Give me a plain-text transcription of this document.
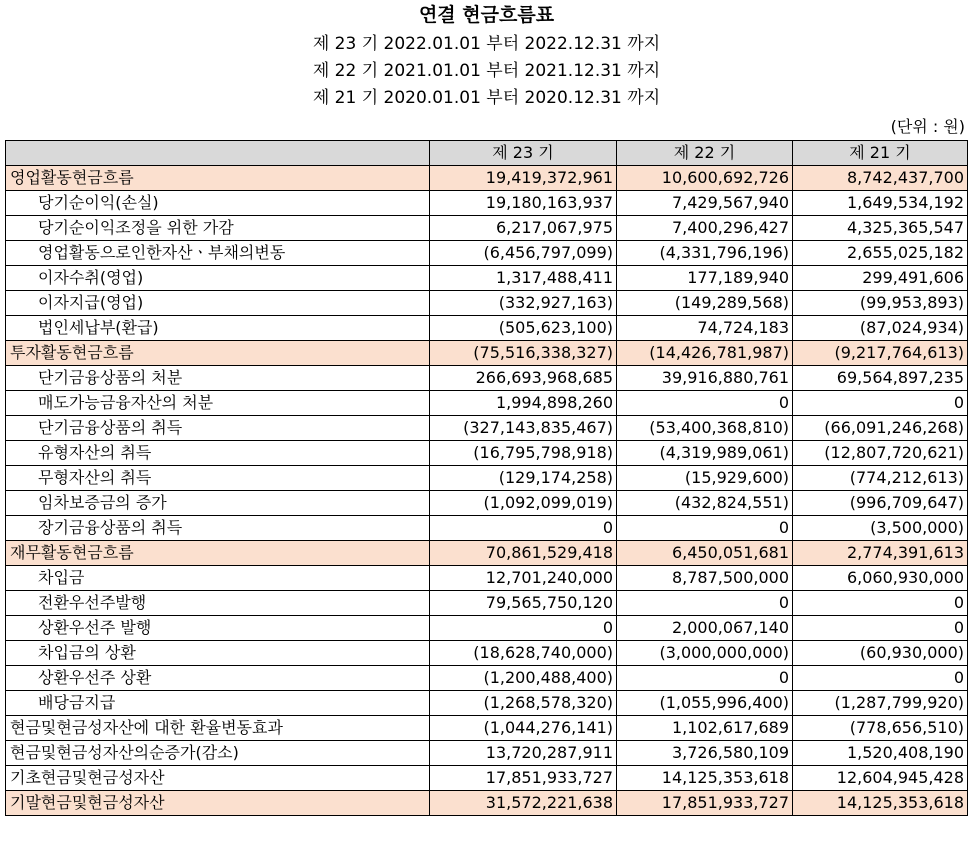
연결 현금흐름표
제 23 기 2022.01.01 부터 2022.12.31 까지
제 22 기 2021.01.01 부터 2021.12.31 까지
제 21 기 2020.01.01 부터 2020.12.31 까지
(단위 : 원)
	제 23 기	제 22 기	제 21 기
영업활동현금흐름	19,419,372,961	10,600,692,726	8,742,437,700
당기순이익(손실)	19,180,163,937	7,429,567,940	1,649,534,192
당기순이익조정을 위한 가감	6,217,067,975	7,400,296,427	4,325,365,547
영업활동으로인한자산ㆍ부채의변동	(6,456,797,099)	(4,331,796,196)	2,655,025,182
이자수취(영업)	1,317,488,411	177,189,940	299,491,606
이자지급(영업)	(332,927,163)	(149,289,568)	(99,953,893)
법인세납부(환급)	(505,623,100)	74,724,183	(87,024,934)
투자활동현금흐름	(75,516,338,327)	(14,426,781,987)	(9,217,764,613)
단기금융상품의 처분	266,693,968,685	39,916,880,761	69,564,897,235
매도가능금융자산의 처분	1,994,898,260	0	0
단기금융상품의 취득	(327,143,835,467)	(53,400,368,810)	(66,091,246,268)
유형자산의 취득	(16,795,798,918)	(4,319,989,061)	(12,807,720,621)
무형자산의 취득	(129,174,258)	(15,929,600)	(774,212,613)
임차보증금의 증가	(1,092,099,019)	(432,824,551)	(996,709,647)
장기금융상품의 취득	0	0	(3,500,000)
재무활동현금흐름	70,861,529,418	6,450,051,681	2,774,391,613
차입금	12,701,240,000	8,787,500,000	6,060,930,000
전환우선주발행	79,565,750,120	0	0
상환우선주 발행	0	2,000,067,140	0
차입금의 상환	(18,628,740,000)	(3,000,000,000)	(60,930,000)
상환우선주 상환	(1,200,488,400)	0	0
배당금지급	(1,268,578,320)	(1,055,996,400)	(1,287,799,920)
현금및현금성자산에 대한 환율변동효과	(1,044,276,141)	1,102,617,689	(778,656,510)
현금및현금성자산의순증가(감소)	13,720,287,911	3,726,580,109	1,520,408,190
기초현금및현금성자산	17,851,933,727	14,125,353,618	12,604,945,428
기말현금및현금성자산	31,572,221,638	17,851,933,727	14,125,353,618
